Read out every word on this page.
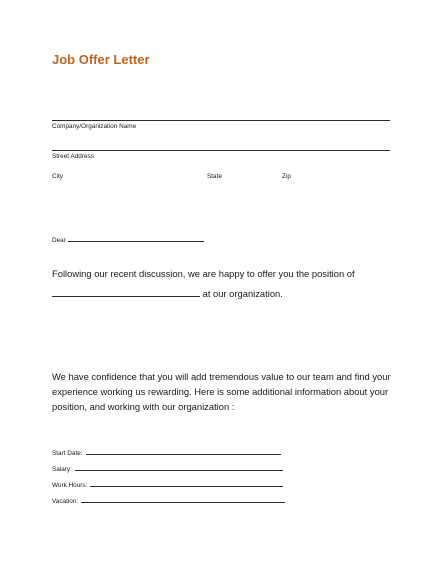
Job Offer Letter
Company/Organization Name
Street Address
City	State	Zip
Dear
Following our recent discussion, we are happy to offer you the position of
at our organization.
We have confidence that you will add tremendous value to our team and find your experience working us rewarding. Here is some additional information about your position, and working with our organization :
Start Date:
Salary:
Work Hours:
Vacation:
